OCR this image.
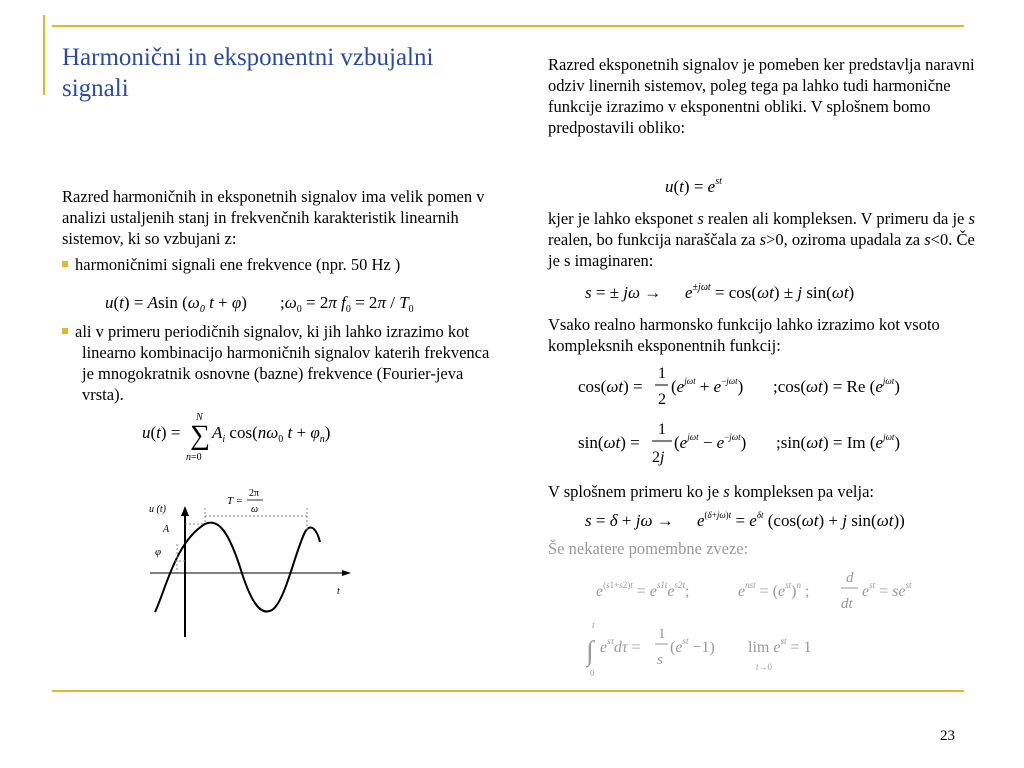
Harmonični in eksponentni vzbujalni signali
Razred harmoničnih in eksponetnih signalov ima velik pomen v analizi ustaljenih stanj in frekvenčnih karakteristik linearnih sistemov, ki so vzbujani z:
harmoničnimi signali ene frekvence (npr. 50 Hz )
u(t) = Asin ($\omega_0$ t + φ) $;\omega_0 = 2\pi$ $f_0 = 2\pi / T_0$
ali v primeru periodičnih signalov, ki jih lahko izrazimo kot linearno kombinacijo harmoničnih signalov katerih frekvenca je mnogokratnik osnovne (bazne) frekvence (Fourier-jeva vrsta).
u(t) =
N
∑
n=0
$A_i$ $\cos(n\omega_0$ $t + \varphi_n$)
u (t)
A
φ
T =
2π
ω
t
Razred eksponetnih signalov je pomeben ker predstavlja naravni odziv linernih sistemov, poleg tega pa lahko tudi harmonične funkcije izrazimo v eksponentni obliki. V splošnem bomo predpostavili obliko:
$u(t) = e^{st}$
kjer je lahko eksponet s realen ali kompleksen. V primeru da je s realen, bo funkcija naraščala za s>0, oziroma upadala za s<0. Če je s imaginaren:
s = ± $j\omega \to e^{\pm j\omega t} = \cos(\omega t) \pm j$ sin(ωt)
Vsako realno harmonsko funkcijo lahko izrazimo kot vsoto kompleksnih eksponentnih funkcij:
cos(ωt) =
1
2
$(e^{j\omega t} + e^{-j\omega t})$ ;cos(ωt) = Re $(e^{j\omega t})$
sin(ωt) =
1
2j
$(e^{j\omega t} - e^{-j\omega t})$ ;sin(ωt) = Im $(e^{j\omega t})$
V splošnem primeru ko je s kompleksen pa velja:
$s = \delta + j\omega \to e^{(\delta+j\omega)t} = e^{\delta t}$ (cos(ωt) + j sin(ωt))
Še nekatere pomembne zveze:
$e^{(s1+s2)t} = e^{s1t}e^{s2t}$;	$e^{nst} = (e^{st})^n$ ;
d
dt
$e^{st} = se^{st}$
t
∫
0
$e^{s\tau}d\tau$ =
1
s
$(e^{st} -1)$ $\lim e^{st} = 1$
t→0
23
